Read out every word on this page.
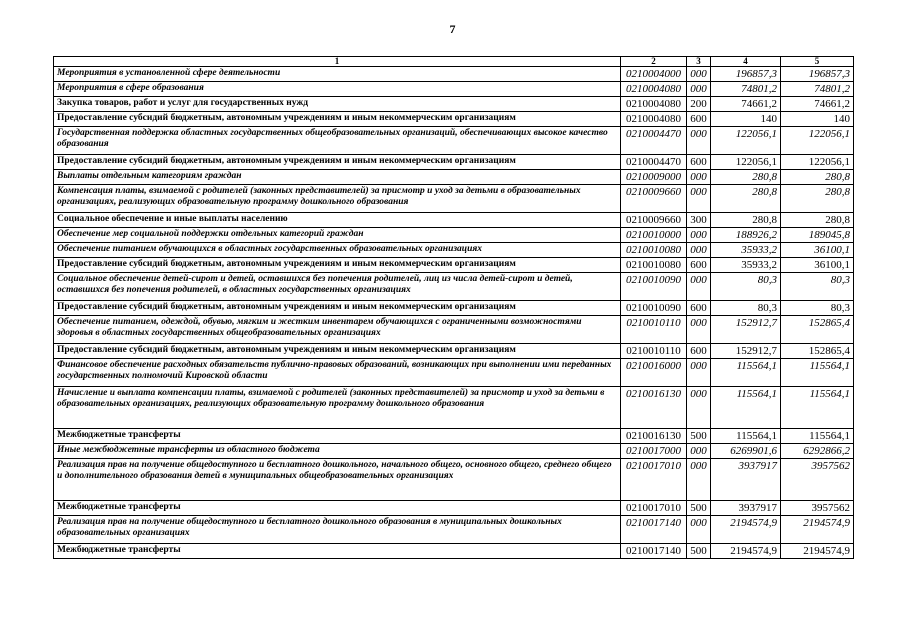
7
1	2	3	4	5
Мероприятия в установленной сфере деятельности	0210004000	000	196857,3	196857,3
Мероприятия в сфере образования	0210004080	000	74801,2	74801,2
Закупка товаров, работ и услуг для государственных нужд	0210004080	200	74661,2	74661,2
Предоставление субсидий бюджетным, автономным учреждениям и иным некоммерческим организациям	0210004080	600	140	140
Государственная поддержка областных государственных общеобразовательных организаций, обеспечивающих высокое качество образования	0210004470	000	122056,1	122056,1
Предоставление субсидий бюджетным, автономным учреждениям и иным некоммерческим организациям	0210004470	600	122056,1	122056,1
Выплаты отдельным категориям граждан	0210009000	000	280,8	280,8
Компенсация платы, взимаемой с родителей (законных представителей) за присмотр и уход за детьми в образовательных организациях, реализующих образовательную программу дошкольного образования	0210009660	000	280,8	280,8
Социальное обеспечение и иные выплаты населению	0210009660	300	280,8	280,8
Обеспечение мер социальной поддержки отдельных категорий граждан	0210010000	000	188926,2	189045,8
Обеспечение питанием обучающихся в областных государственных образовательных организациях	0210010080	000	35933,2	36100,1
Предоставление субсидий бюджетным, автономным учреждениям и иным некоммерческим организациям	0210010080	600	35933,2	36100,1
Социальное обеспечение детей-сирот и детей, оставшихся без попечения родителей, лиц из числа детей-сирот и детей, оставшихся без попечения родителей, в областных государственных организациях	0210010090	000	80,3	80,3
Предоставление субсидий бюджетным, автономным учреждениям и иным некоммерческим организациям	0210010090	600	80,3	80,3
Обеспечение питанием, одеждой, обувью, мягким и жестким инвентарем обучающихся с ограниченными возможностями здоровья в областных государственных общеобразовательных организациях	0210010110	000	152912,7	152865,4
Предоставление субсидий бюджетным, автономным учреждениям и иным некоммерческим организациям	0210010110	600	152912,7	152865,4
Финансовое обеспечение расходных обязательств публично-правовых образований, возникающих при выполнении ими переданных государственных полномочий Кировской области	0210016000	000	115564,1	115564,1
Начисление и выплата компенсации платы, взимаемой с родителей (законных представителей) за присмотр и уход за детьми в образовательных организациях, реализующих образовательную программу дошкольного образования	0210016130	000	115564,1	115564,1
Межбюджетные трансферты	0210016130	500	115564,1	115564,1
Иные межбюджетные трансферты из областного бюджета	0210017000	000	6269901,6	6292866,2
Реализация прав на получение общедоступного и бесплатного дошкольного, начального общего, основного общего, среднего общего и дополнительного образования детей в муниципальных общеобразовательных организациях	0210017010	000	3937917	3957562
Межбюджетные трансферты	0210017010	500	3937917	3957562
Реализация прав на получение общедоступного и бесплатного дошкольного образования в муниципальных дошкольных образовательных организациях	0210017140	000	2194574,9	2194574,9
Межбюджетные трансферты	0210017140	500	2194574,9	2194574,9
